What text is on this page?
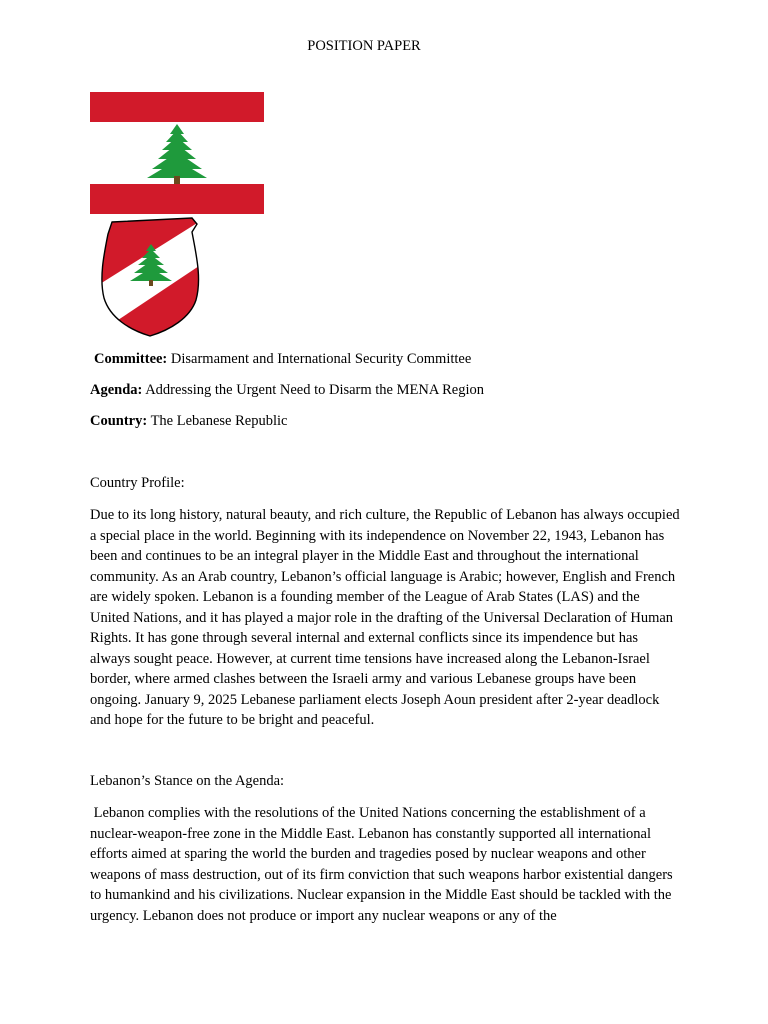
POSITION PAPER

Committee: Disarmament and International Security Committee

Agenda: Addressing the Urgent Need to Disarm the MENA Region

Country: The Lebanese Republic

Country Profile:

Due to its long history, natural beauty, and rich culture, the Republic of Lebanon has always occupied a special place in the world. Beginning with its independence on November 22, 1943, Lebanon has been and continues to be an integral player in the Middle East and throughout the international community. As an Arab country, Lebanon’s official language is Arabic; however, English and French are widely spoken. Lebanon is a founding member of the League of Arab States (LAS) and the United Nations, and it has played a major role in the drafting of the Universal Declaration of Human Rights. It has gone through several internal and external conflicts since its impendence but has always sought peace. However, at current time tensions have increased along the Lebanon-Israel border, where armed clashes between the Israeli army and various Lebanese groups have been ongoing. January 9, 2025 Lebanese parliament elects Joseph Aoun president after 2-year deadlock and hope for the future to be bright and peaceful.

Lebanon’s Stance on the Agenda:

Lebanon complies with the resolutions of the United Nations concerning the establishment of a nuclear-weapon-free zone in the Middle East. Lebanon has constantly supported all international efforts aimed at sparing the world the burden and tragedies posed by nuclear weapons and other weapons of mass destruction, out of its firm conviction that such weapons harbor existential dangers to humankind and his civilizations. Nuclear expansion in the Middle East should be tackled with the urgency. Lebanon does not produce or import any nuclear weapons or any of the
